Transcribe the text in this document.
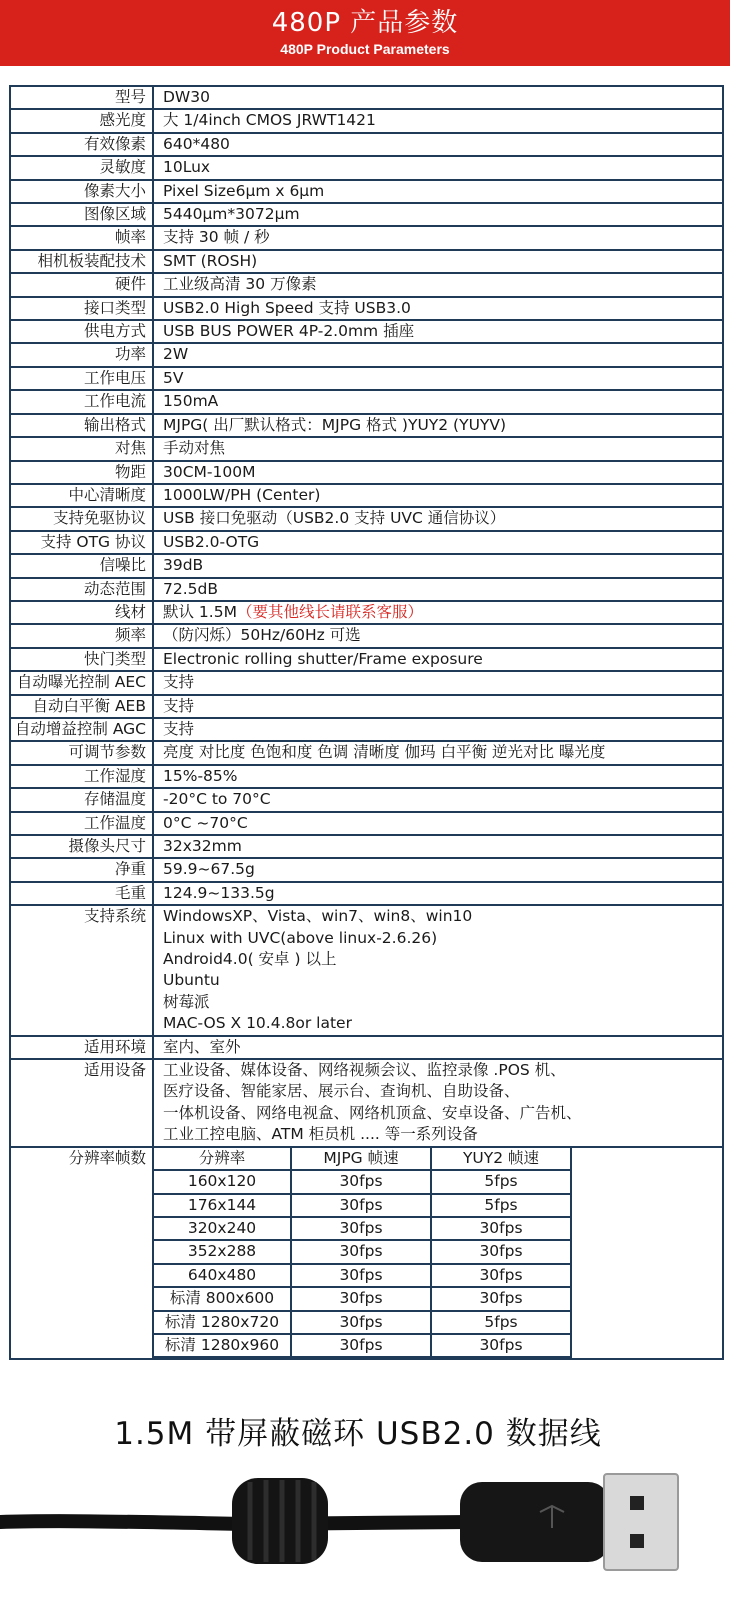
480P 产品参数
480P Product Parameters
型号	DW30
感光度	大 1/4inch CMOS JRWT1421
有效像素	640*480
灵敏度	10Lux
像素大小	Pixel Size6μm x 6μm
图像区域	5440μm*3072μm
帧率	支持 30 帧 / 秒
相机板装配技术	SMT (ROSH)
硬件	工业级高清 30 万像素
接口类型	USB2.0 High Speed 支持 USB3.0
供电方式	USB BUS POWER 4P-2.0mm 插座
功率	2W
工作电压	5V
工作电流	150mA
输出格式	MJPG( 出厂默认格式：MJPG 格式 )YUY2 (YUYV)
对焦	手动对焦
物距	30CM-100M
中心清晰度	1000LW/PH (Center)
支持免驱协议	USB 接口免驱动（USB2.0 支持 UVC 通信协议）
支持 OTG 协议	USB2.0-OTG
信噪比	39dB
动态范围	72.5dB
线材	默认 1.5M（要其他线长请联系客服）
频率	（防闪烁）50Hz/60Hz 可选
快门类型	Electronic rolling shutter/Frame exposure
自动曝光控制 AEC	支持
自动白平衡 AEB	支持
自动增益控制 AGC	支持
可调节参数	亮度 对比度 色饱和度 色调 清晰度 伽玛 白平衡 逆光对比 曝光度
工作湿度	15%-85%
存储温度	-20°C to 70°C
工作温度	0°C ~70°C
摄像头尺寸	32x32mm
净重	59.9~67.5g
毛重	124.9~133.5g
支持系统	WindowsXP、Vista、win7、win8、win10
Linux with UVC(above linux-2.6.26)
Android4.0( 安卓 ) 以上
Ubuntu
树莓派
MAC-OS X 10.4.8or later
适用环境	室内、室外
适用设备	工业设备、媒体设备、网络视频会议、监控录像 .POS 机、
医疗设备、智能家居、展示台、查询机、自助设备、
一体机设备、网络电视盒、网络机顶盒、安卓设备、广告机、
工业工控电脑、ATM 柜员机 .... 等一系列设备
分辨率帧数	分辨率	MJPG 帧速	YUY2 帧速
160x120	30fps	5fps
176x144	30fps	5fps
320x240	30fps	30fps
352x288	30fps	30fps
640x480	30fps	30fps
标清 800x600	30fps	30fps
标清 1280x720	30fps	5fps
标清 1280x960	30fps	30fps
1.5M 带屏蔽磁环 USB2.0 数据线
